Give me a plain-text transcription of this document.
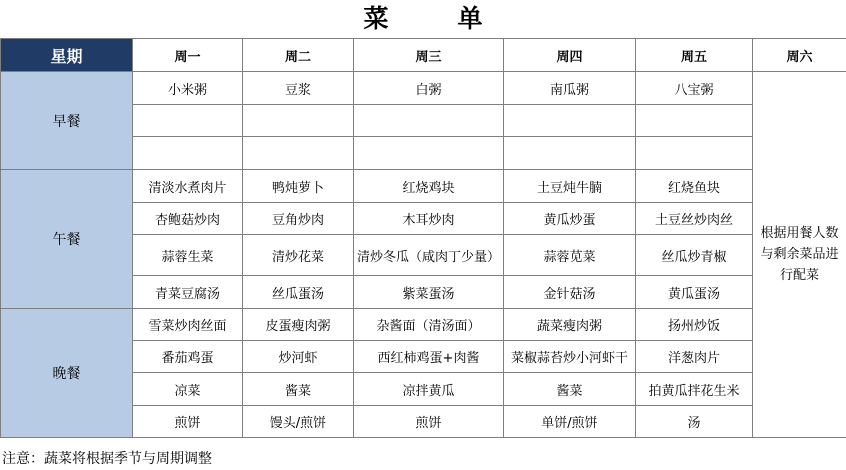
菜　单
星期	周一	周二	周三	周四	周五	周六
早餐	小米粥	豆浆	白粥	南瓜粥	八宝粥	根据用餐人数与剩余菜品进行配菜

午餐	清淡水煮肉片	鸭炖萝卜	红烧鸡块	土豆炖牛腩	红烧鱼块	
	杏鲍菇炒肉	豆角炒肉	木耳炒肉	黄瓜炒蛋	土豆丝炒肉丝	
	蒜蓉生菜	清炒花菜	清炒冬瓜（咸肉丁少量）	蒜蓉苋菜	丝瓜炒青椒	
	青菜豆腐汤	丝瓜蛋汤	紫菜蛋汤	金针菇汤	黄瓜蛋汤	
晚餐	雪菜炒肉丝面	皮蛋瘦肉粥	杂酱面（清汤面）	蔬菜瘦肉粥	扬州炒饭	
	番茄鸡蛋	炒河虾	西红柿鸡蛋+肉酱	菜椒蒜苔炒小河虾干	洋葱肉片	
	凉菜	酱菜	凉拌黄瓜	酱菜	拍黄瓜拌花生米	
	煎饼	馒头/煎饼	煎饼	单饼/煎饼	汤	
注意：蔬菜将根据季节与周期调整
